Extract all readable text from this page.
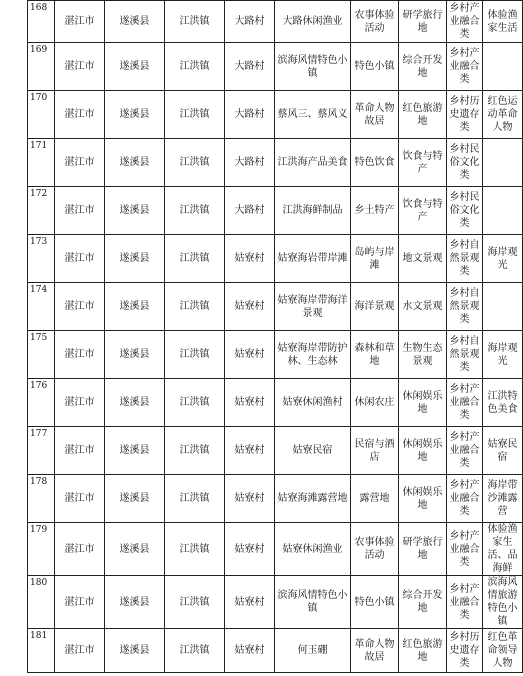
168	湛江市	遂溪县	江洪镇	大路村	大路休闲渔业	农事体验活动	研学旅行地	乡村产业融合类	体验渔家生活
169	湛江市	遂溪县	江洪镇	大路村	滨海风情特色小镇	特色小镇	综合开发地	乡村产业融合类	
170	湛江市	遂溪县	江洪镇	大路村	蔡风三、蔡风义	革命人物故居	红色旅游地	乡村历史遗存类	红色运动革命人物
171	湛江市	遂溪县	江洪镇	大路村	江洪海产品美食	特色饮食	饮食与特产	乡村民俗文化类	
172	湛江市	遂溪县	江洪镇	大路村	江洪海鲜制品	乡土特产	饮食与特产	乡村民俗文化类	
173	湛江市	遂溪县	江洪镇	姑寮村	姑寮海岩带岸滩	岛屿与岸滩	地文景观	乡村自然景观类	海岸观光
174	湛江市	遂溪县	江洪镇	姑寮村	姑寮海岸带海洋景观	海洋景观	水文景观	乡村自然景观类	
175	湛江市	遂溪县	江洪镇	姑寮村	姑寮海岸带防护林、生态林	森林和草地	生物生态景观	乡村自然景观类	海岸观光
176	湛江市	遂溪县	江洪镇	姑寮村	姑寮休闲渔村	休闲农庄	休闲娱乐地	乡村产业融合类	江洪特色美食
177	湛江市	遂溪县	江洪镇	姑寮村	姑寮民宿	民宿与酒店	休闲娱乐地	乡村产业融合类	姑寮民宿
178	湛江市	遂溪县	江洪镇	姑寮村	姑寮海滩露营地	露营地	休闲娱乐地	乡村产业融合类	海岸带沙滩露营
179	湛江市	遂溪县	江洪镇	姑寮村	姑寮休闲渔业	农事体验活动	研学旅行地	乡村产业融合类	体验渔家生活、品海鲜
180	湛江市	遂溪县	江洪镇	姑寮村	滨海风情特色小镇	特色小镇	综合开发地	乡村产业融合类	滨海风情旅游特色小镇
181	湛江市	遂溪县	江洪镇	姑寮村	何玉硼	革命人物故居	红色旅游地	乡村历史遗存类	红色革命领导人物
